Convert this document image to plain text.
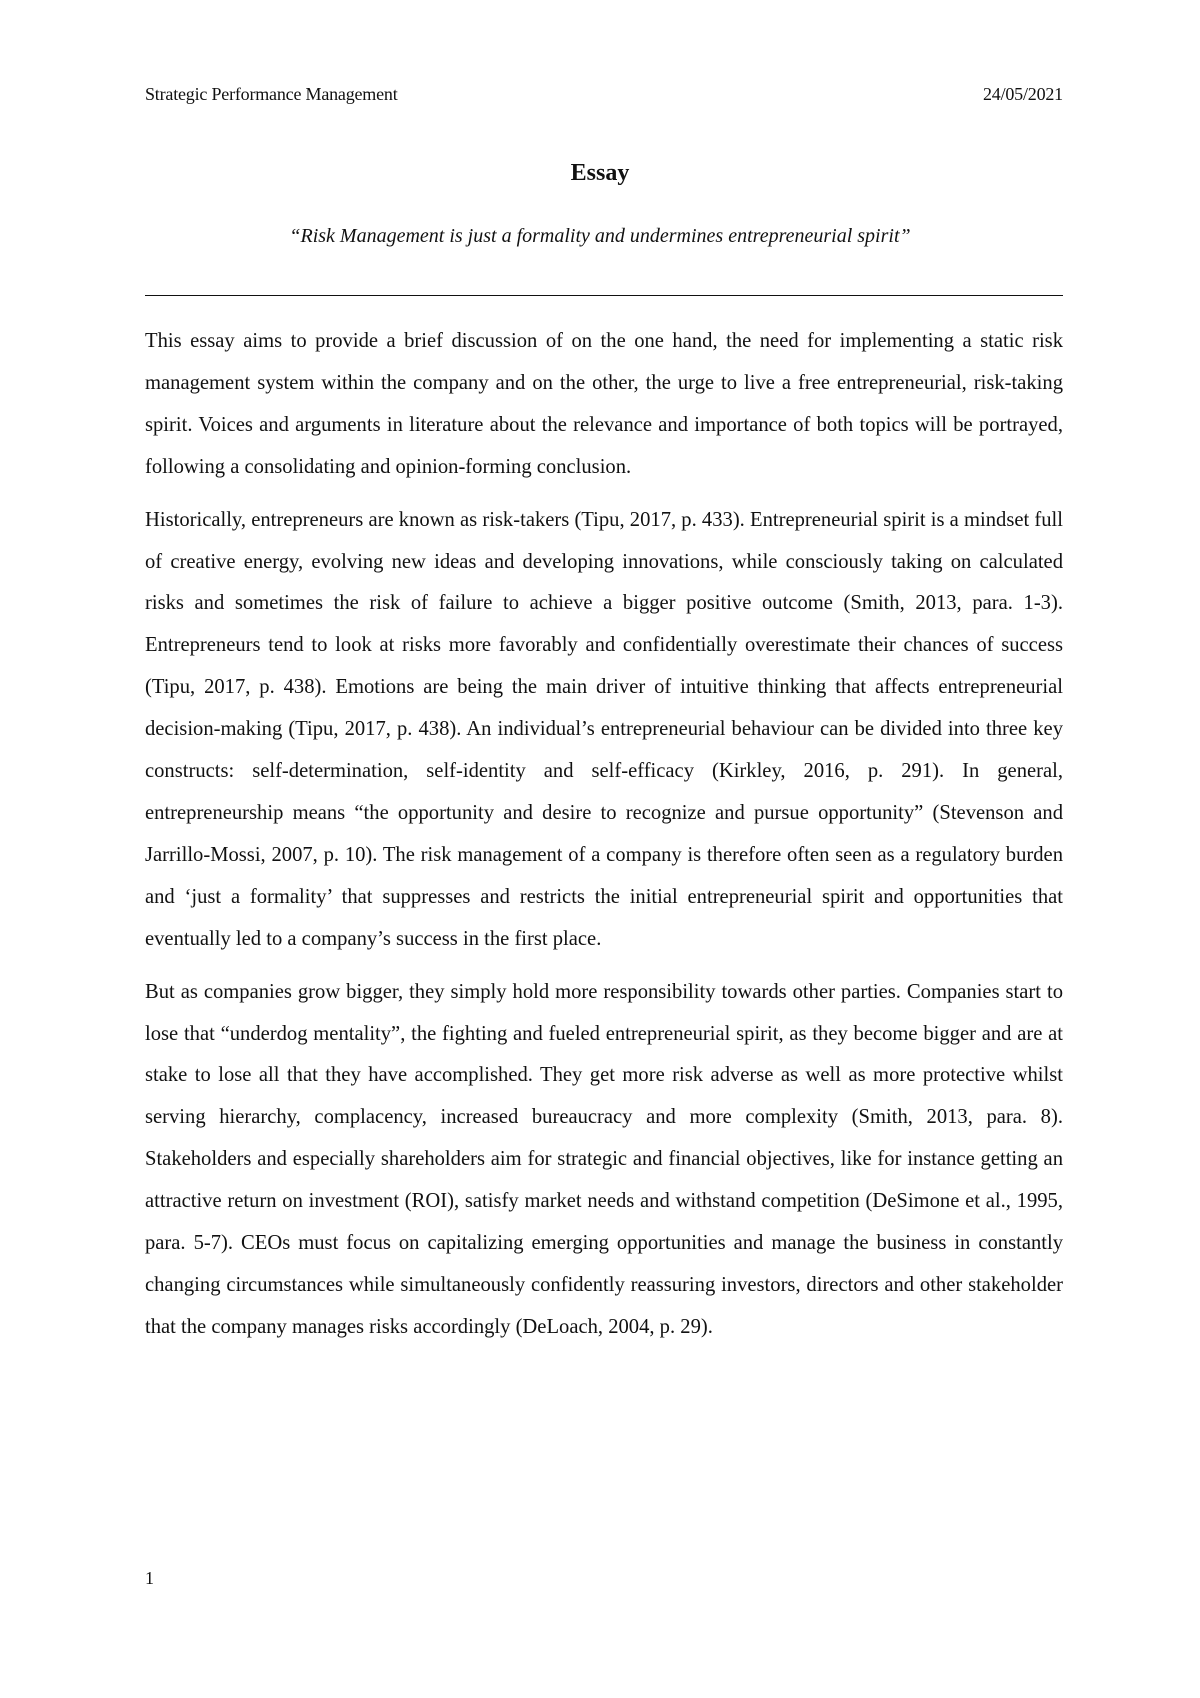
Strategic Performance Management	24/05/2021
Essay
“Risk Management is just a formality and undermines entrepreneurial spirit”

This essay aims to provide a brief discussion of on the one hand, the need for implementing a static risk management system within the company and on the other, the urge to live a free entrepreneurial, risk-taking spirit. Voices and arguments in literature about the relevance and importance of both topics will be portrayed, following a consolidating and opinion-forming conclusion.

Historically, entrepreneurs are known as risk-takers (Tipu, 2017, p. 433). Entrepreneurial spirit is a mindset full of creative energy, evolving new ideas and developing innovations, while consciously taking on calculated risks and sometimes the risk of failure to achieve a bigger positive outcome (Smith, 2013, para. 1-3). Entrepreneurs tend to look at risks more favorably and confidentially overestimate their chances of success (Tipu, 2017, p. 438). Emotions are being the main driver of intuitive thinking that affects entrepreneurial decision-making (Tipu, 2017, p. 438). An individual’s entrepreneurial behaviour can be divided into three key constructs: self-determination, self-identity and self-efficacy (Kirkley, 2016, p. 291). In general, entrepreneurship means “the opportunity and desire to recognize and pursue opportunity” (Stevenson and Jarrillo-Mossi, 2007, p. 10). The risk management of a company is therefore often seen as a regulatory burden and ‘just a formality’ that suppresses and restricts the initial entrepreneurial spirit and opportunities that eventually led to a company’s success in the first place.

But as companies grow bigger, they simply hold more responsibility towards other parties. Companies start to lose that “underdog mentality”, the fighting and fueled entrepreneurial spirit, as they become bigger and are at stake to lose all that they have accomplished. They get more risk adverse as well as more protective whilst serving hierarchy, complacency, increased bureaucracy and more complexity (Smith, 2013, para. 8). Stakeholders and especially shareholders aim for strategic and financial objectives, like for instance getting an attractive return on investment (ROI), satisfy market needs and withstand competition (DeSimone et al., 1995, para. 5-7). CEOs must focus on capitalizing emerging opportunities and manage the business in constantly changing circumstances while simultaneously confidently reassuring investors, directors and other stakeholder that the company manages risks accordingly (DeLoach, 2004, p. 29).

1
